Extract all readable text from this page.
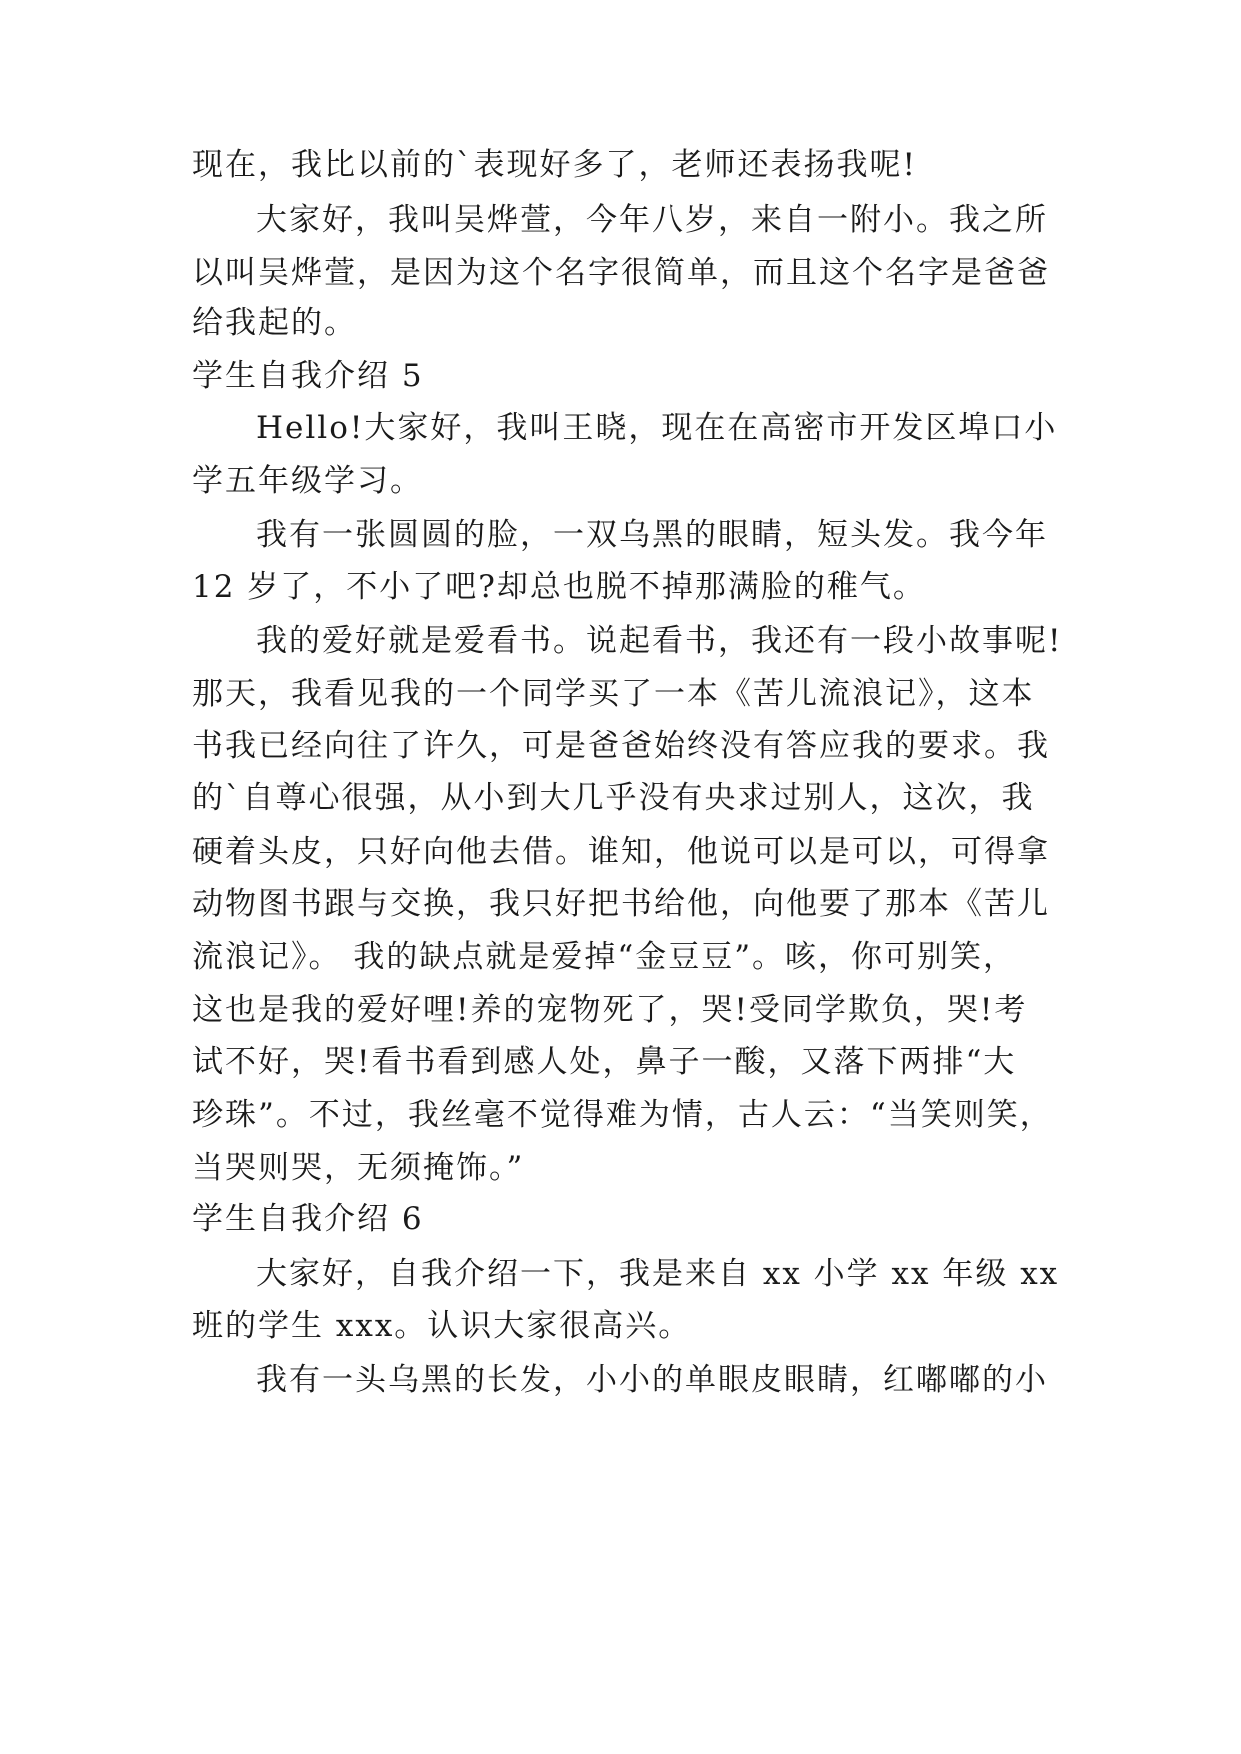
现在，我比以前的`表现好多了，老师还表扬我呢!
大家好，我叫吴烨萱，今年八岁，来自一附小。我之所
以叫吴烨萱，是因为这个名字很简单，而且这个名字是爸爸
给我起的。
学生自我介绍 5
Hello!大家好，我叫王晓，现在在高密市开发区埠口小
学五年级学习。
我有一张圆圆的脸，一双乌黑的眼睛，短头发。我今年
12 岁了，不小了吧?却总也脱不掉那满脸的稚气。
我的爱好就是爱看书。说起看书，我还有一段小故事呢!
那天，我看见我的一个同学买了一本《苦儿流浪记》，这本
书我已经向往了许久，可是爸爸始终没有答应我的要求。我
的`自尊心很强，从小到大几乎没有央求过别人，这次，我
硬着头皮，只好向他去借。谁知，他说可以是可以，可得拿
动物图书跟与交换，我只好把书给他，向他要了那本《苦儿
流浪记》。 我的缺点就是爱掉“金豆豆”。咳，你可别笑，
这也是我的爱好哩!养的宠物死了，哭!受同学欺负，哭!考
试不好，哭!看书看到感人处，鼻子一酸，又落下两排“大
珍珠”。不过，我丝毫不觉得难为情，古人云：“当笑则笑，
当哭则哭，无须掩饰。”
学生自我介绍 6
大家好，自我介绍一下，我是来自 xx 小学 xx 年级 xx
班的学生 xxx。认识大家很高兴。
我有一头乌黑的长发，小小的单眼皮眼睛，红嘟嘟的小
